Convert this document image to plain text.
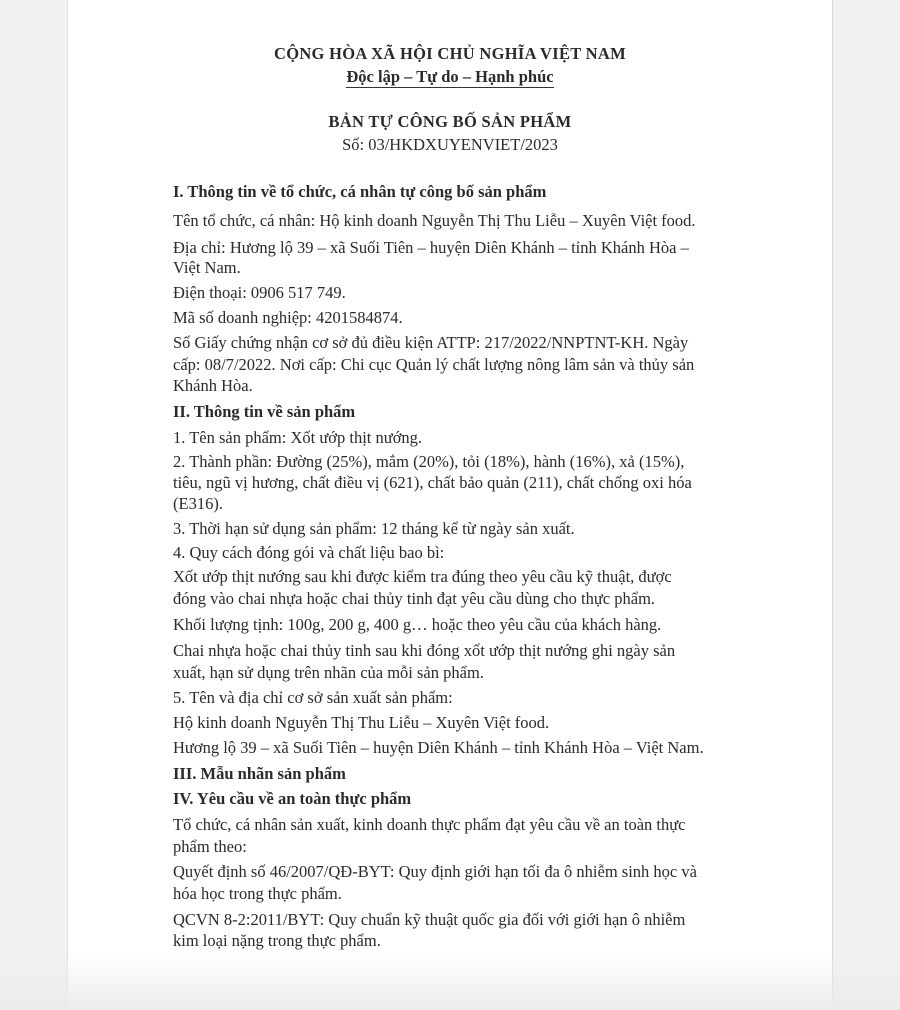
CỘNG HÒA XÃ HỘI CHỦ NGHĨA VIỆT NAM
Độc lập – Tự do – Hạnh phúc
BẢN TỰ CÔNG BỐ SẢN PHẨM
Số: 03/HKDXUYENVIET/2023
I. Thông tin về tổ chức, cá nhân tự công bố sản phẩm
Tên tổ chức, cá nhân: Hộ kinh doanh Nguyễn Thị Thu Liễu – Xuyên Việt food.
Địa chỉ: Hương lộ 39 – xã Suối Tiên – huyện Diên Khánh – tỉnh Khánh Hòa –
Việt Nam.
Điện thoại: 0906 517 749.
Mã số doanh nghiệp: 4201584874.
Số Giấy chứng nhận cơ sở đủ điều kiện ATTP: 217/2022/NNPTNT-KH. Ngày
cấp: 08/7/2022. Nơi cấp: Chi cục Quản lý chất lượng nông lâm sản và thủy sản
Khánh Hòa.
II. Thông tin về sản phẩm
1. Tên sản phẩm: Xốt ướp thịt nướng.
2. Thành phần: Đường (25%), mắm (20%), tỏi (18%), hành (16%), xả (15%),
tiêu, ngũ vị hương, chất điều vị (621), chất bảo quản (211), chất chống oxi hóa
(E316).
3. Thời hạn sử dụng sản phẩm: 12 tháng kể từ ngày sản xuất.
4. Quy cách đóng gói và chất liệu bao bì:
Xốt ướp thịt nướng sau khi được kiểm tra đúng theo yêu cầu kỹ thuật, được
đóng vào chai nhựa hoặc chai thủy tinh đạt yêu cầu dùng cho thực phẩm.
Khối lượng tịnh: 100g, 200 g, 400 g… hoặc theo yêu cầu của khách hàng.
Chai nhựa hoặc chai thủy tinh sau khi đóng xốt ướp thịt nướng ghi ngày sản
xuất, hạn sử dụng trên nhãn của mỗi sản phẩm.
5. Tên và địa chỉ cơ sở sản xuất sản phẩm:
Hộ kinh doanh Nguyễn Thị Thu Liễu – Xuyên Việt food.
Hương lộ 39 – xã Suối Tiên – huyện Diên Khánh – tỉnh Khánh Hòa – Việt Nam.
III. Mẫu nhãn sản phẩm
IV. Yêu cầu về an toàn thực phẩm
Tổ chức, cá nhân sản xuất, kinh doanh thực phẩm đạt yêu cầu về an toàn thực
phẩm theo:
Quyết định số 46/2007/QĐ-BYT: Quy định giới hạn tối đa ô nhiễm sinh học và
hóa học trong thực phẩm.
QCVN 8-2:2011/BYT: Quy chuẩn kỹ thuật quốc gia đối với giới hạn ô nhiễm
kim loại nặng trong thực phẩm.
